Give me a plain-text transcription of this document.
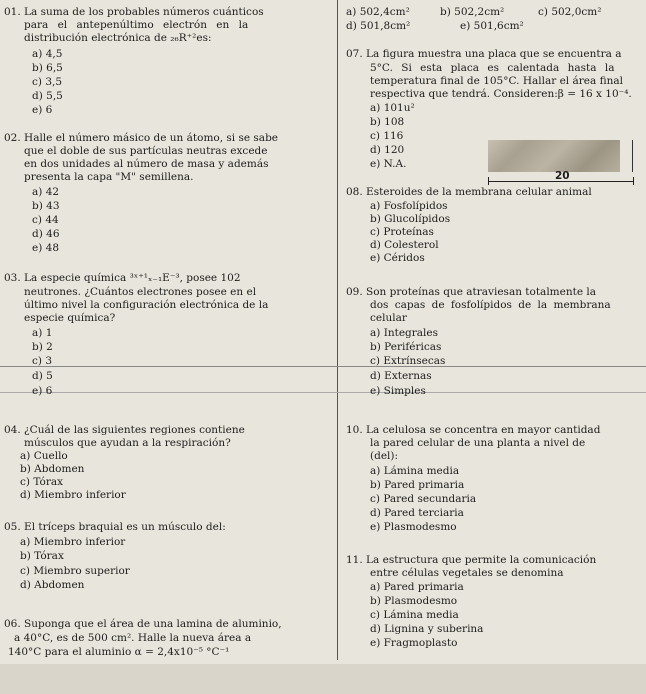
01. La suma de los probables números cuánticos
para el antepenúltimo electrón en la
distribución electrónica de ₂₆R⁺²es:
a) 4,5
b) 6,5
c) 3,5
d) 5,5
e) 6
02. Halle el número másico de un átomo, si se sabe
que el doble de sus partículas neutras excede
en dos unidades al número de masa y además
presenta la capa "M" semillena.
a) 42
b) 43
c) 44
d) 46
e) 48
03. La especie química ³ˣ⁺¹ₓ₋₁E⁻³, posee 102
neutrones. ¿Cuántos electrones posee en el
último nivel la configuración electrónica de la
especie química?
a) 1
b) 2
c) 3
d) 5
e) 6
04. ¿Cuál de las siguientes regiones contiene
músculos que ayudan a la respiración?
a) Cuello
b) Abdomen
c) Tórax
d) Miembro inferior
05. El tríceps braquial es un músculo del:
a) Miembro inferior
b) Tórax
c) Miembro superior
d) Abdomen
06. Suponga que el área de una lamina de aluminio,
a 40°C, es de 500 cm². Halle la nueva área a
140°C para el aluminio α = 2,4x10⁻⁵ °C⁻¹
a) 502,4cm²	b) 502,2cm²	c) 502,0cm²
d) 501,8cm²	e) 501,6cm²
07. La figura muestra una placa que se encuentra a
5°C. Si esta placa es calentada hasta la
temperatura final de 105°C. Hallar el área final
respectiva que tendrá. Consideren:β = 16 x 10⁻⁴.
a) 101u²
b) 108
c) 116
d) 120
e) N.A.
20
08. Esteroides de la membrana celular animal
a) Fosfolípidos
b) Glucolípidos
c) Proteínas
d) Colesterol
e) Céridos
09. Son proteínas que atraviesan totalmente la
dos capas de fosfolípidos de la membrana
celular
a) Integrales
b) Periféricas
c) Extrínsecas
d) Externas
e) Simples
10. La celulosa se concentra en mayor cantidad
la pared celular de una planta a nivel de
(del):
a) Lámina media
b) Pared primaria
c) Pared secundaria
d) Pared terciaria
e) Plasmodesmo
11. La estructura que permite la comunicación
entre células vegetales se denomina
a) Pared primaria
b) Plasmodesmo
c) Lámina media
d) Lignina y suberina
e) Fragmoplasto
